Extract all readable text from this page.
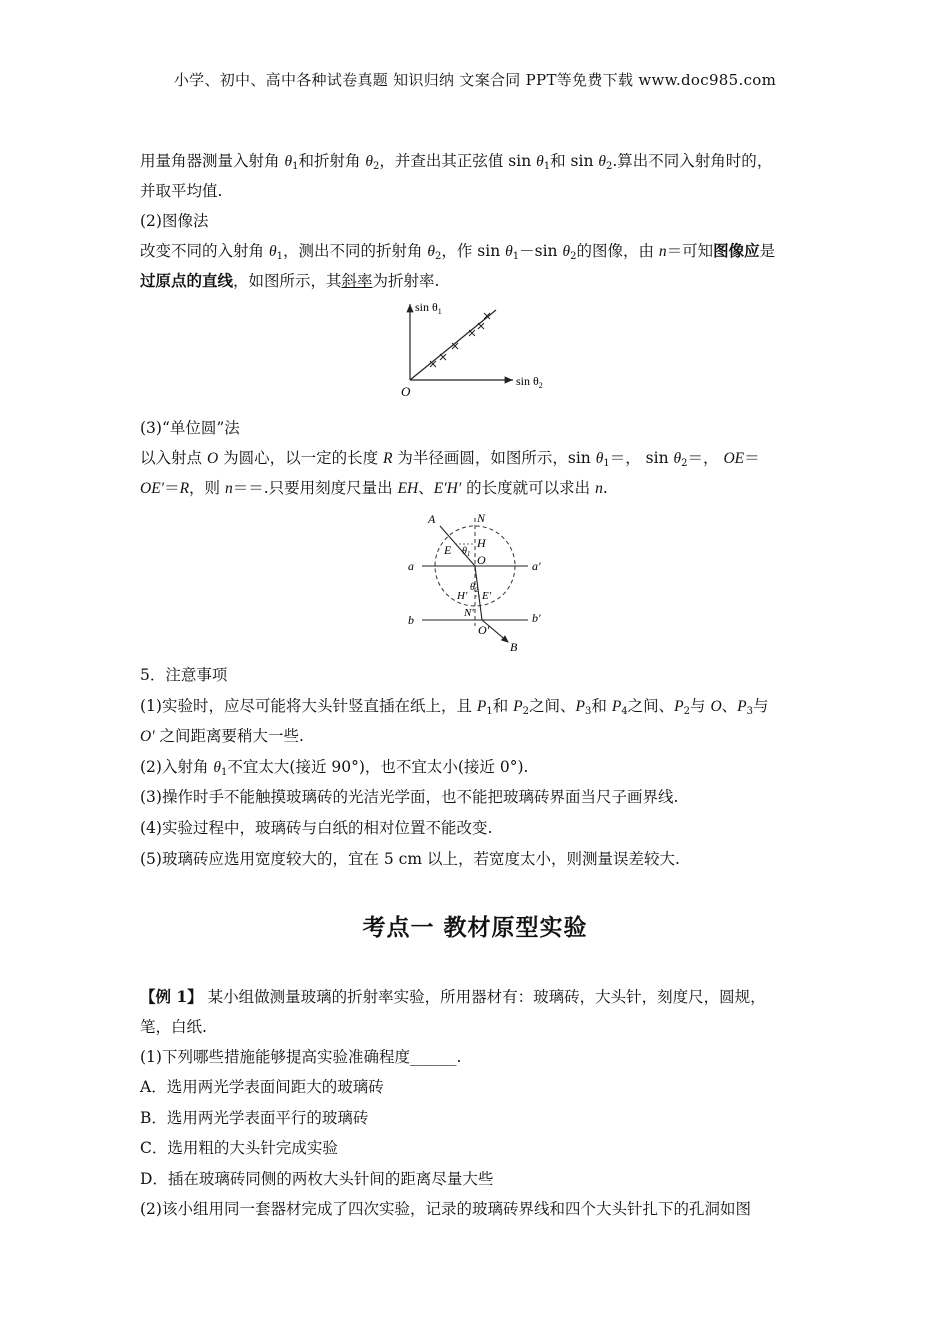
小学、初中、高中各种试卷真题 知识归纳 文案合同 PPT等免费下载 www.doc985.com
用量角器测量入射角 $\theta_1$和折射角 $\theta_2$，并查出其正弦值 $\sin \theta_1$和 $\sin \theta_2$.算出不同入射角时的，
并取平均值.
(2)图像法
改变不同的入射角 $\theta_1$，测出不同的折射角 $\theta_2$，作 $\sin \theta_1-\sin$ $\theta_2$的图像，由 n＝可知图像应是
过原点的直线，如图所示，其斜率为折射率.
$\sin \theta_1$
$\sin \theta_2$
O
(3)“单位圆”法
以入射点 O 为圆心，以一定的长度 R 为半径画圆，如图所示，$\sin \theta_1=$， $\sin \theta_2=$， OE＝
OE′＝R，则 n＝＝.只要用刻度尺量出 EH、E′H′ 的长度就可以求出 n.
A	N
E $\theta_1$
H
O
a	a′
H′
$\theta_2$ E′
N′
b	b′
O′
B
5．注意事项
(1)实验时，应尽可能将大头针竖直插在纸上，且 $P_1$和 $P_2$之间、$P_3$和 $P_4$之间、$P_2$与 O、$P_3$与
O′ 之间距离要稍大一些.
(2)入射角 $\theta_1$不宜太大(接近 90°)，也不宜太小(接近 0°).
(3)操作时手不能触摸玻璃砖的光洁光学面，也不能把玻璃砖界面当尺子画界线.
(4)实验过程中，玻璃砖与白纸的相对位置不能改变.
(5)玻璃砖应选用宽度较大的，宜在 5 cm 以上，若宽度太小，则测量误差较大.
考点一 教材原型实验
【例 1】 某小组做测量玻璃的折射率实验，所用器材有：玻璃砖，大头针，刻度尺，圆规，
笔，白纸.
(1)下列哪些措施能够提高实验准确程度______.
A．选用两光学表面间距大的玻璃砖
B．选用两光学表面平行的玻璃砖
C．选用粗的大头针完成实验
D．插在玻璃砖同侧的两枚大头针间的距离尽量大些
(2)该小组用同一套器材完成了四次实验，记录的玻璃砖界线和四个大头针扎下的孔洞如图
